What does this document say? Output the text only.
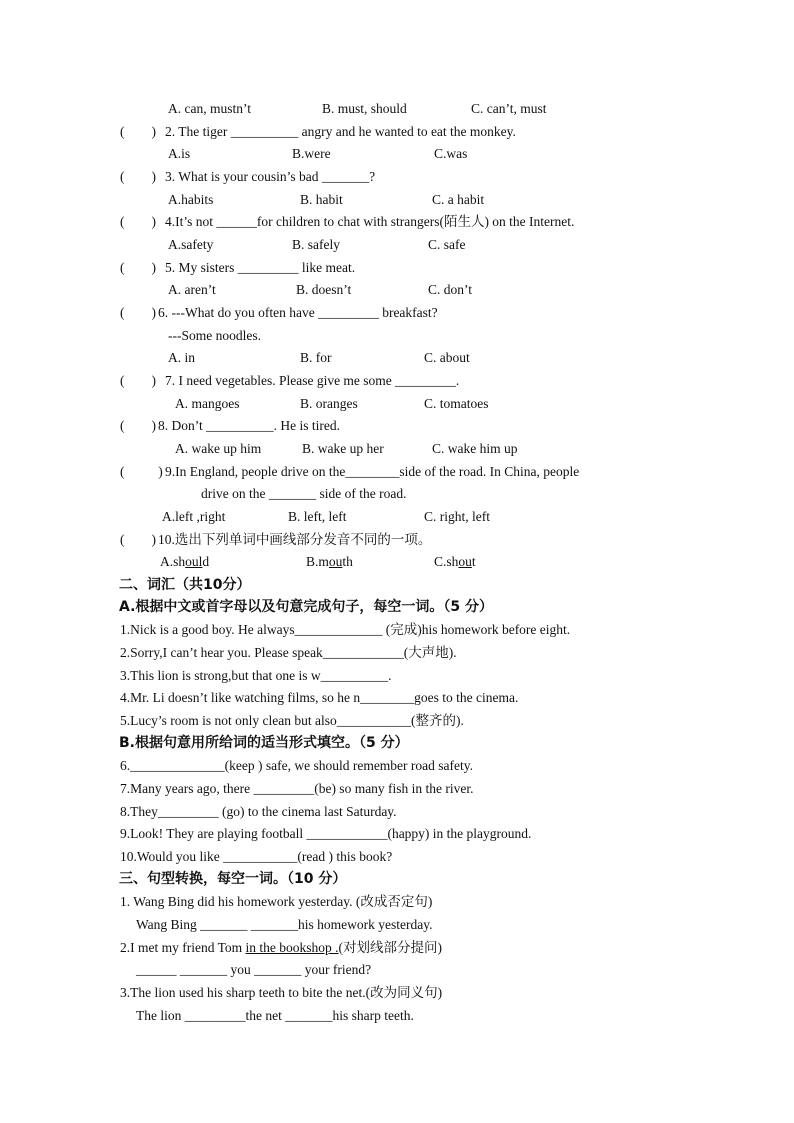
A. can, mustn’t	B. must, should	C. can’t, must
(        ) 2. The tiger __________ angry and he wanted to eat the monkey.
A.is	B.were	C.was
(        ) 3. What is your cousin’s bad _______?
A.habits	B. habit	C. a habit
(        ) 4.It’s not ______for children to chat with strangers(陌生人) on the Internet.
A.safety	B. safely	C. safe
(        ) 5. My sisters _________ like meat.
A. aren’t	B. doesn’t	C. don’t
(        ) 6. ---What do you often have _________ breakfast?
---Some noodles.
A. in	B. for	C. about
(        ) 7. I need vegetables. Please give me some _________.
A. mangoes	B. oranges	C. tomatoes
(        ) 8. Don’t __________. He is tired.
A. wake up him	B. wake up her	C. wake him up
(          ) 9.In England, people drive on the________side of the road. In China, people
drive on the _______ side of the road.
A.left ,right	B. left, left	C. right, left
(        ) 10.选出下列单词中画线部分发音不同的一项。
A.should	B.mouth	C.shout
二、词汇（共10分）
A.根据中文或首字母以及句意完成句子，每空一词。（5 分）
1.Nick is a good boy. He always_____________ (完成)his homework before eight.
2.Sorry,I can’t hear you. Please speak____________(大声地).
3.This lion is strong,but that one is w__________.
4.Mr. Li doesn’t like watching films, so he n________goes to the cinema.
5.Lucy’s room is not only clean but also___________(整齐的).
B.根据句意用所给词的适当形式填空。（5 分）
6.______________(keep ) safe, we should remember road safety.
7.Many years ago, there _________(be) so many fish in the river.
8.They_________ (go) to the cinema last Saturday.
9.Look! They are playing football ____________(happy) in the playground.
10.Would you like ___________(read ) this book?
三、句型转换，每空一词。（10 分）
1. Wang Bing did his homework yesterday. (改成否定句)
Wang Bing _______ _______his homework yesterday.
2.I met my friend Tom in the bookshop .(对划线部分提问)
______ _______ you _______ your friend?
3.The lion used his sharp teeth to bite the net.(改为同义句)
The lion _________the net _______his sharp teeth.
